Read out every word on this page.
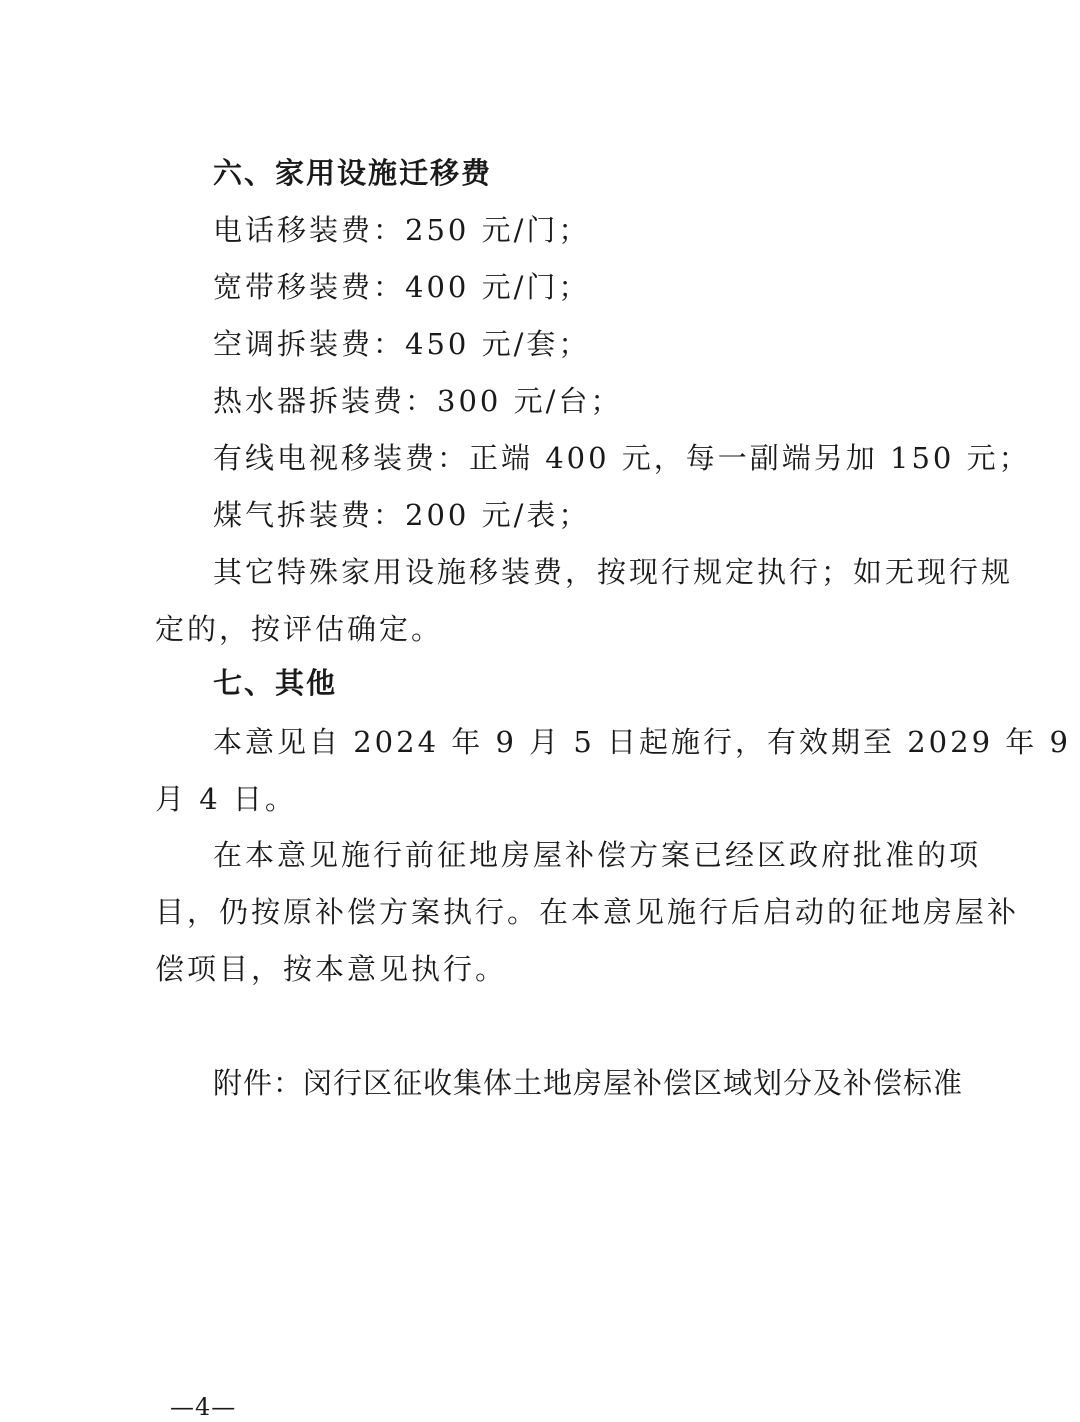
六、家用设施迁移费
电话移装费：250 元/门；
宽带移装费：400 元/门；
空调拆装费：450 元/套；
热水器拆装费：300 元/台；
有线电视移装费：正端 400 元，每一副端另加 150 元；
煤气拆装费：200 元/表；
其它特殊家用设施移装费，按现行规定执行；如无现行规
定的，按评估确定。
七、其他
本意见自 2024 年 9 月 5 日起施行，有效期至 2029 年 9
月 4 日。
在本意见施行前征地房屋补偿方案已经区政府批准的项
目，仍按原补偿方案执行。在本意见施行后启动的征地房屋补
偿项目，按本意见执行。
附件：闵行区征收集体土地房屋补偿区域划分及补偿标准
—4—
